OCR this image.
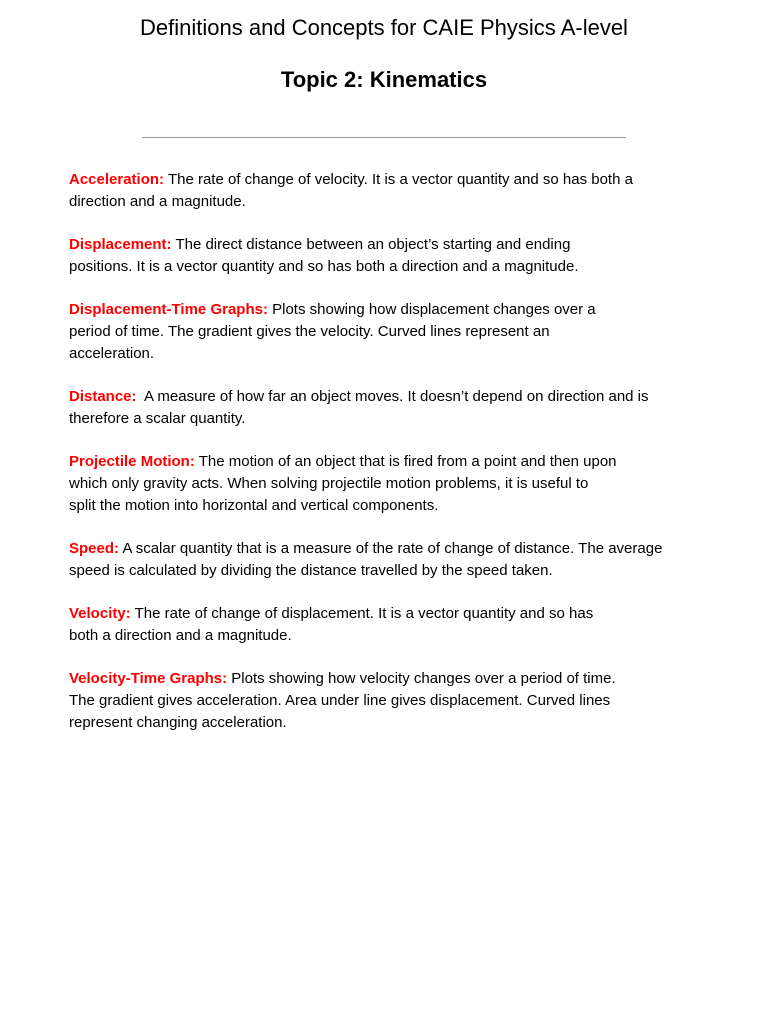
Definitions and Concepts for CAIE Physics A-level
Topic 2: Kinematics
Acceleration: The rate of change of velocity. It is a vector quantity and so has both a
direction and a magnitude.
Displacement: The direct distance between an object’s starting and ending
positions. It is a vector quantity and so has both a direction and a magnitude.
Displacement-Time Graphs: Plots showing how displacement changes over a
period of time. The gradient gives the velocity. Curved lines represent an
acceleration.
Distance:  A measure of how far an object moves. It doesn’t depend on direction and is
therefore a scalar quantity.
Projectile Motion: The motion of an object that is fired from a point and then upon
which only gravity acts. When solving projectile motion problems, it is useful to
split the motion into horizontal and vertical components.
Speed: A scalar quantity that is a measure of the rate of change of distance. The average
speed is calculated by dividing the distance travelled by the speed taken.
Velocity: The rate of change of displacement. It is a vector quantity and so has
both a direction and a magnitude.
Velocity-Time Graphs: Plots showing how velocity changes over a period of time.
The gradient gives acceleration. Area under line gives displacement. Curved lines
represent changing acceleration.
